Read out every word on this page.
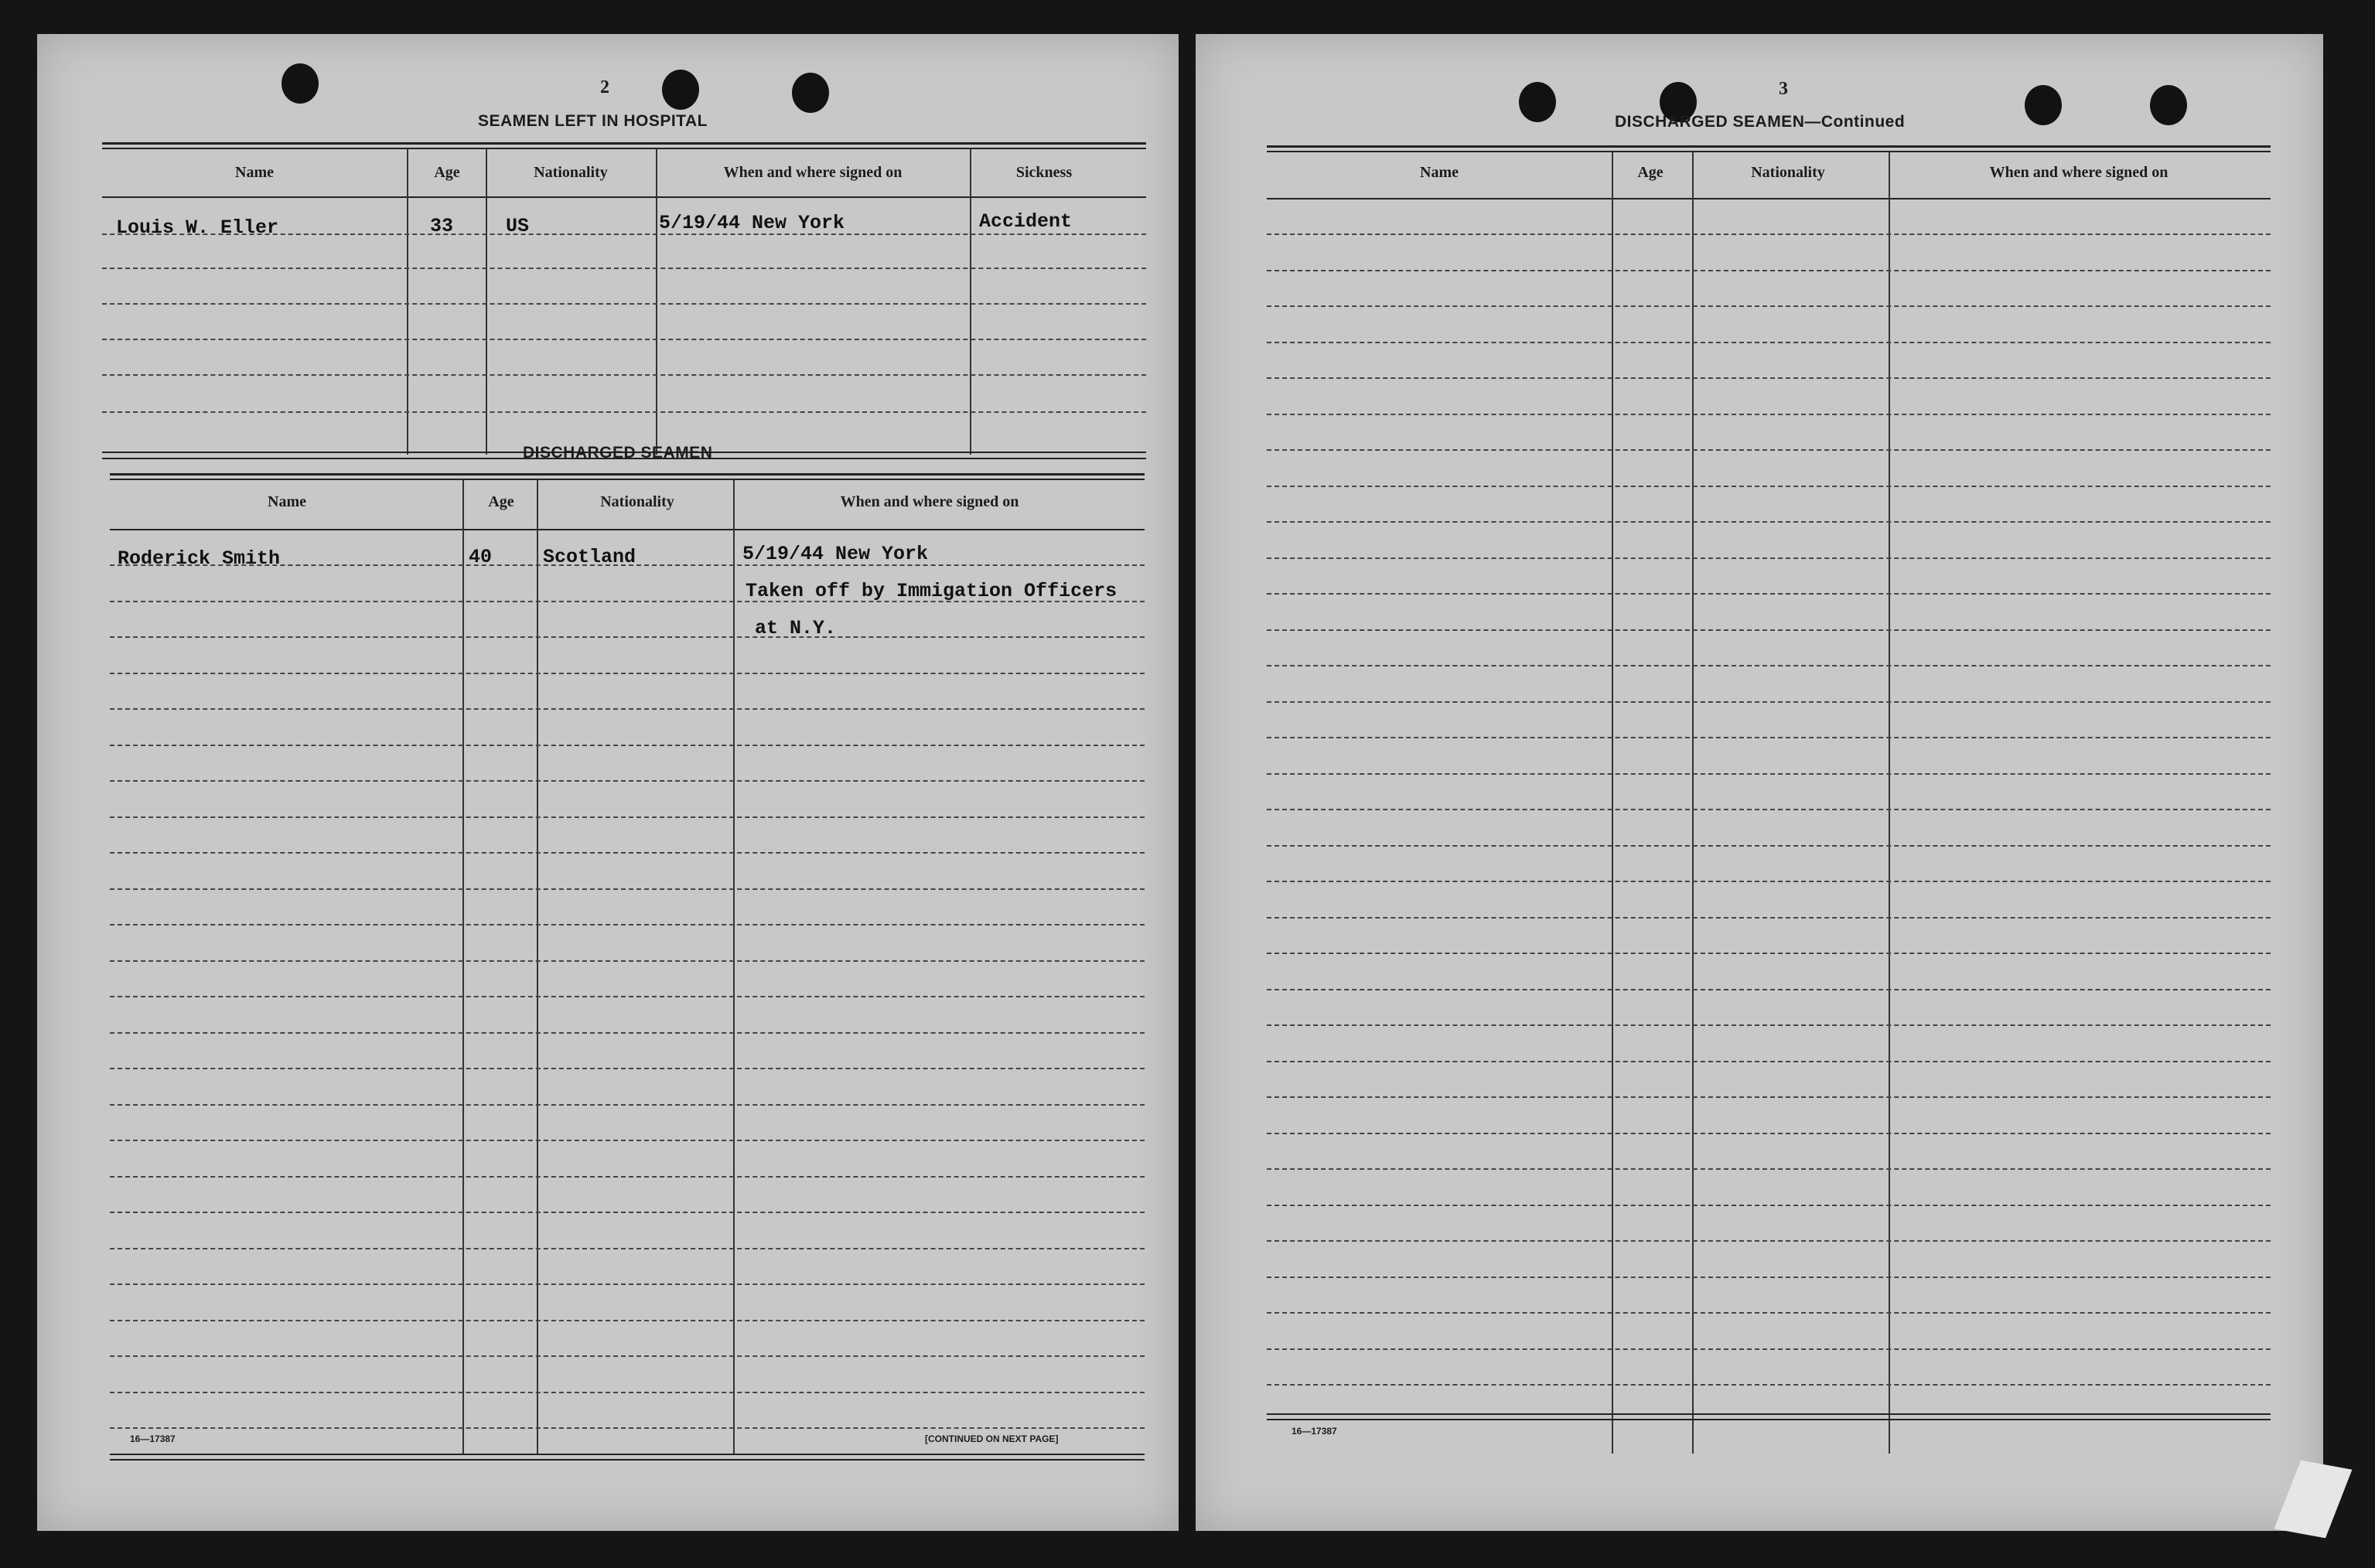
2
SEAMEN LEFT IN HOSPITAL
Name	Age	Nationality	When and where signed on	Sickness
Louis W. Eller	33	US	5/19/44 New York	Accident
DISCHARGED SEAMEN
Name	Age	Nationality	When and where signed on
Roderick Smith	40	Scotland	5/19/44 New York
Taken off by Immigation Officers
at N.Y.
16—17387	[CONTINUED ON NEXT PAGE]
3
DISCHARGED SEAMEN—Continued
Name	Age	Nationality	When and where signed on
16—17387
